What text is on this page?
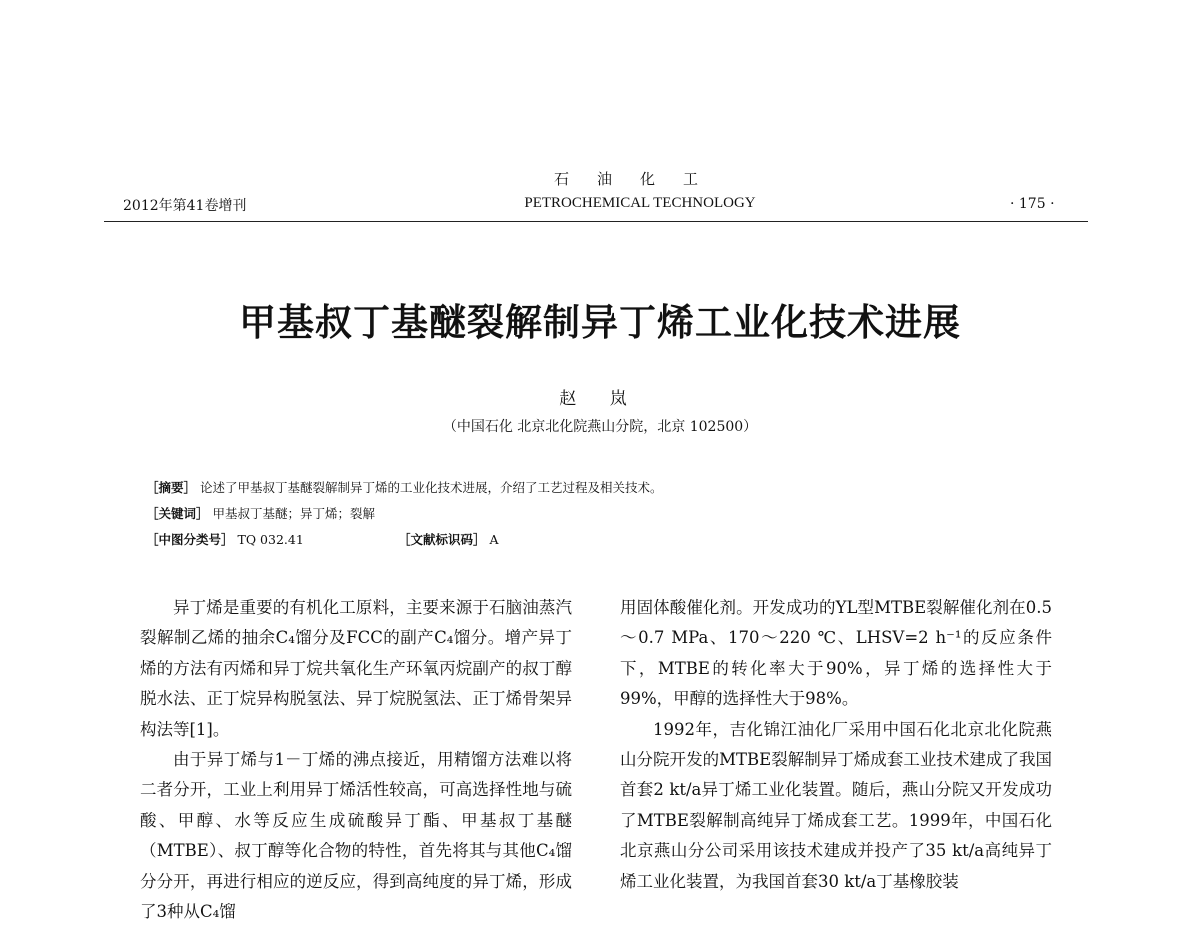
石油化工
2012年第41卷增刊	PETROCHEMICAL TECHNOLOGY	· 175 ·
甲基叔丁基醚裂解制异丁烯工业化技术进展
赵 岚
（中国石化 北京北化院燕山分院，北京 102500）
［摘要］ 论述了甲基叔丁基醚裂解制异丁烯的工业化技术进展，介绍了工艺过程及相关技术。
［关键词］ 甲基叔丁基醚；异丁烯；裂解
［中图分类号］ TQ 032.41	［文献标识码］ A

异丁烯是重要的有机化工原料，主要来源于石脑油蒸汽裂解制乙烯的抽余C₄馏分及FCC的副产C₄馏分。增产异丁烯的方法有丙烯和异丁烷共氧化生产环氧丙烷副产的叔丁醇脱水法、正丁烷异构脱氢法、异丁烷脱氢法、正丁烯骨架异构法等[1]。

由于异丁烯与1－丁烯的沸点接近，用精馏方法难以将二者分开，工业上利用异丁烯活性较高，可高选择性地与硫酸、甲醇、水等反应生成硫酸异丁酯、甲基叔丁基醚（MTBE）、叔丁醇等化合物的特性，首先将其与其他C₄馏分分开，再进行相应的逆反应，得到高纯度的异丁烯，形成了3种从C₄馏

用固体酸催化剂。开发成功的YL型MTBE裂解催化剂在0.5～0.7 MPa、170～220 ℃、LHSV=2 h⁻¹的反应条件下，MTBE的转化率大于90%，异丁烯的选择性大于99%，甲醇的选择性大于98%。

1992年，吉化锦江油化厂采用中国石化北京北化院燕山分院开发的MTBE裂解制异丁烯成套工业技术建成了我国首套2 kt/a异丁烯工业化装置。随后，燕山分院又开发成功了MTBE裂解制高纯异丁烯成套工艺。1999年，中国石化北京燕山分公司采用该技术建成并投产了35 kt/a高纯异丁烯工业化装置，为我国首套30 kt/a丁基橡胶装
